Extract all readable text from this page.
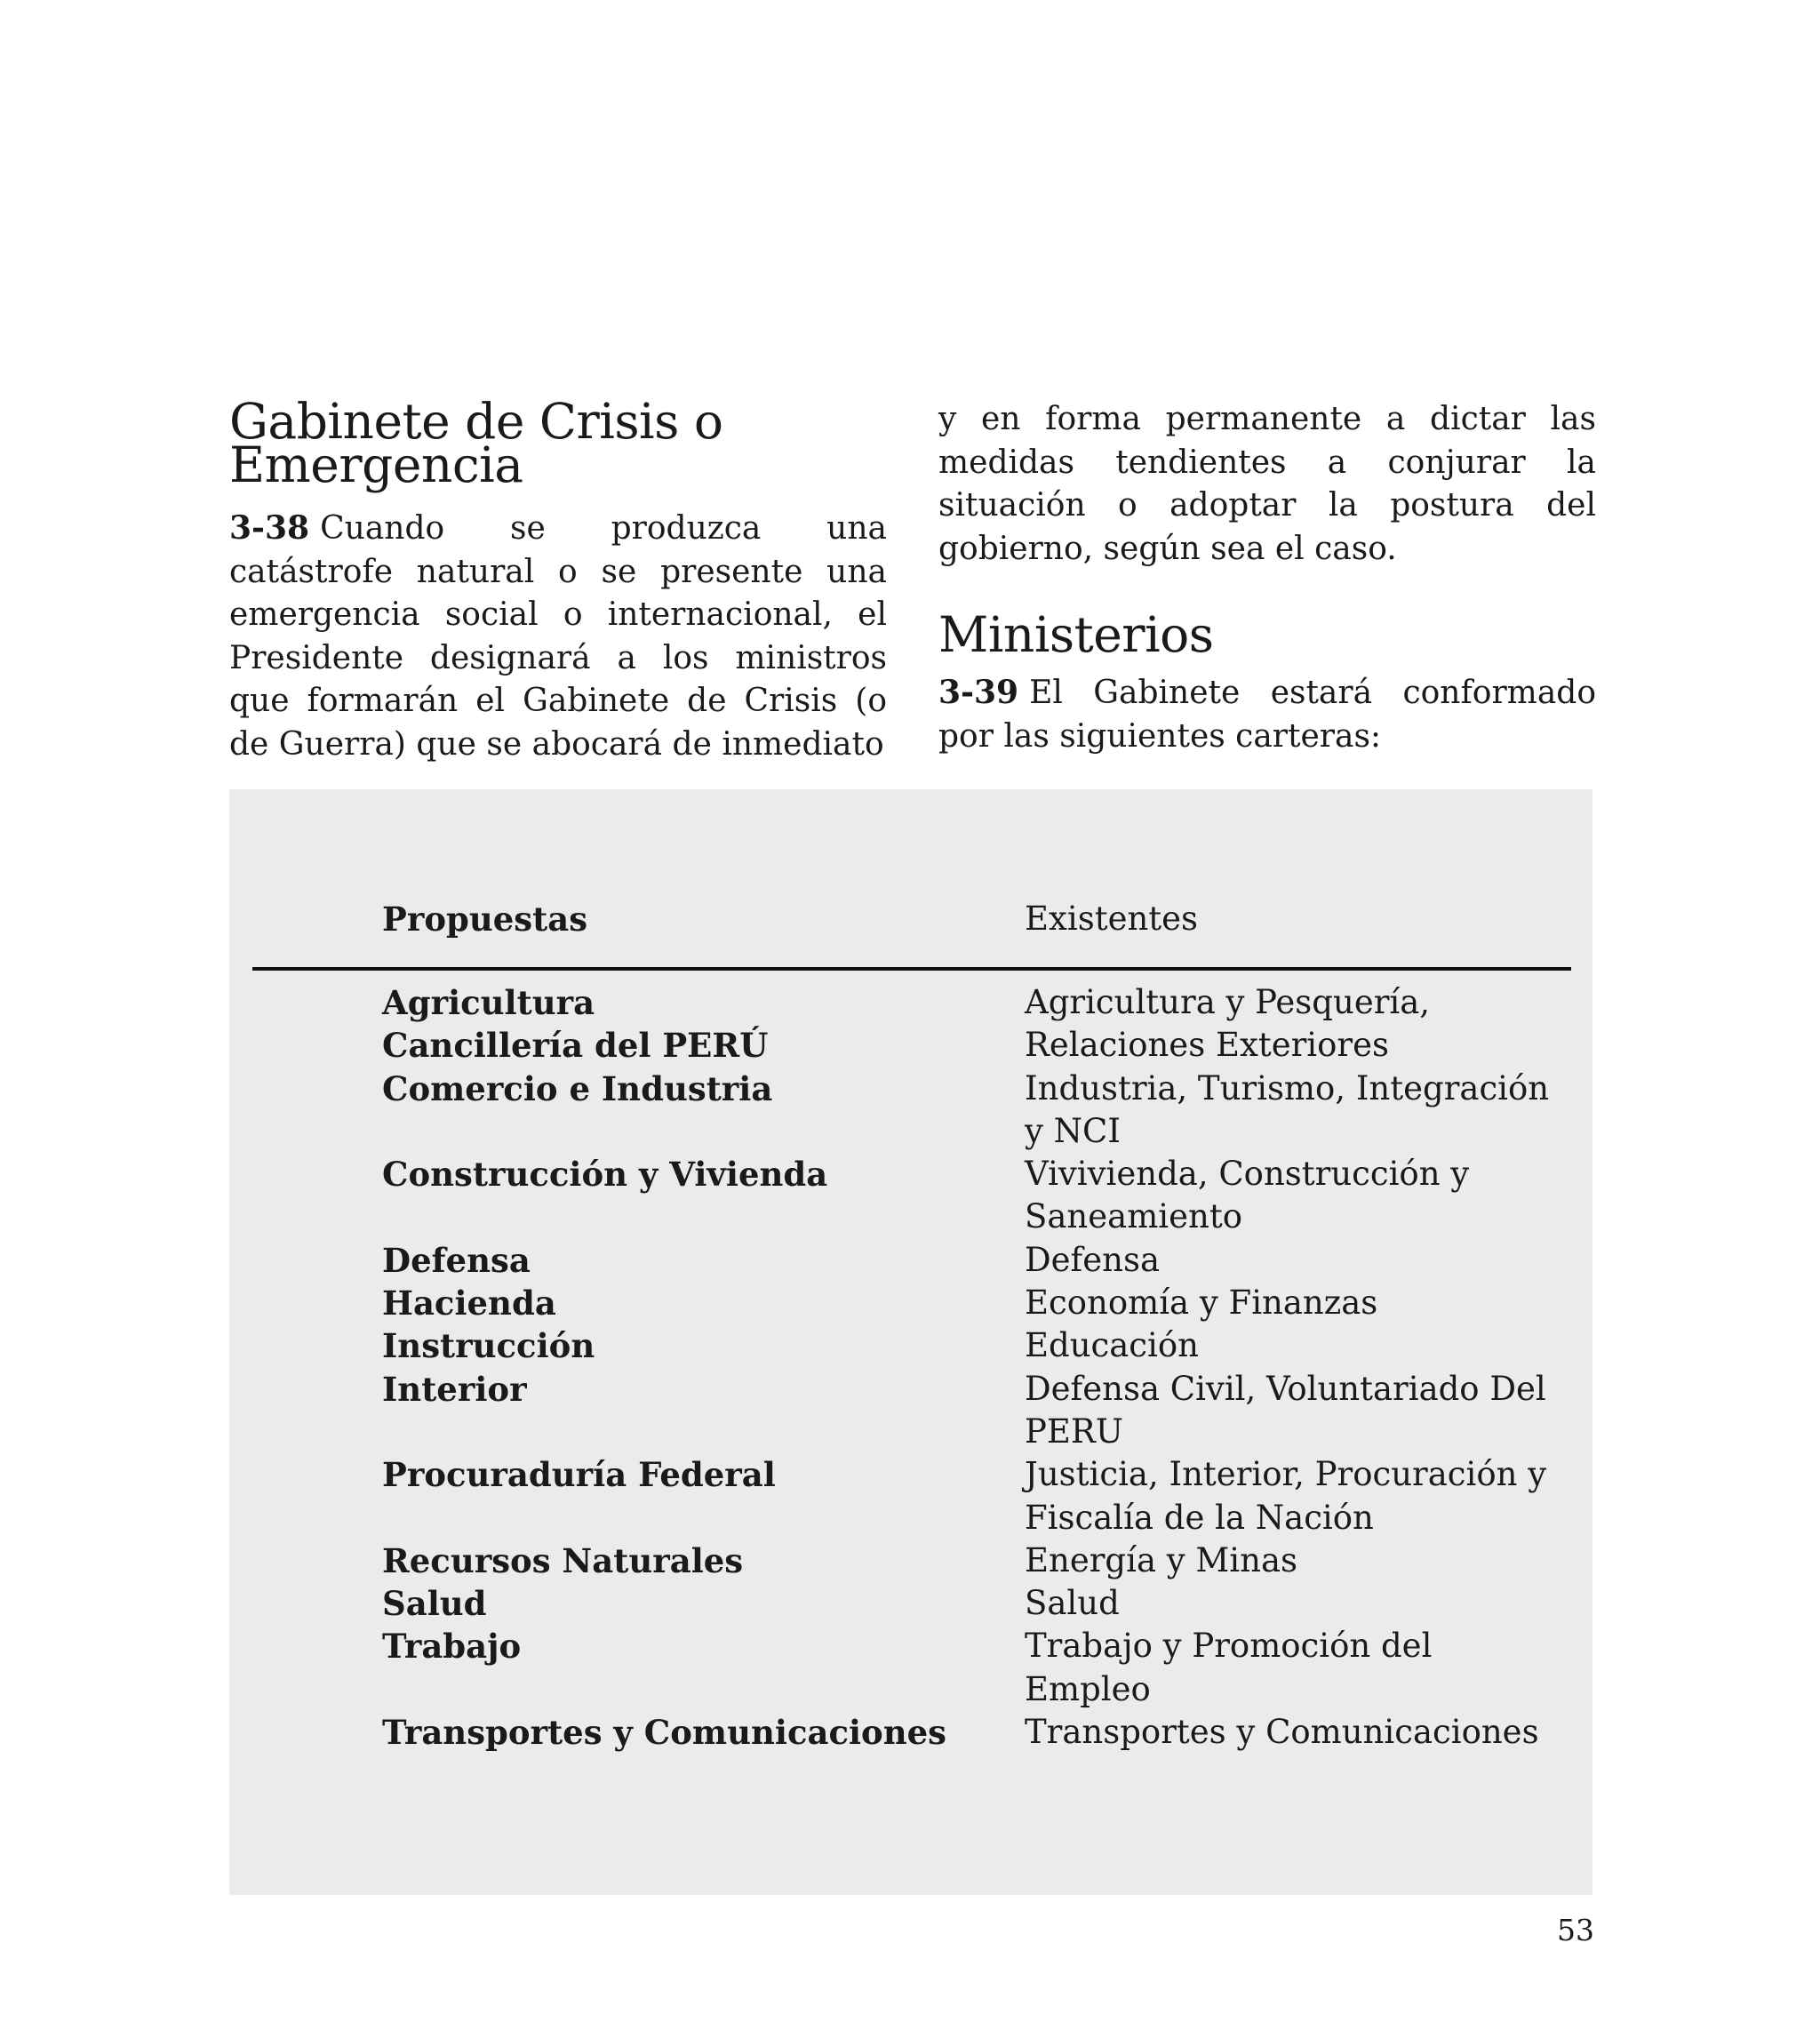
Gabinete de Crisis o Emergencia

3-38 Cuando se produzca una catástrofe natural o se presente una emergencia social o internacional, el Presidente designará a los ministros que formarán el Gabinete de Crisis (o de Guerra) que se abocará de inmediato

y en forma permanente a dictar las medidas tendientes a conjurar la situación o adoptar la postura del gobierno, según sea el caso.

Ministerios

3-39 El Gabinete estará conformado por las siguientes carteras:

Propuestas	Existentes
Agricultura	Agricultura y Pesquería,
Cancillería del PERÚ	Relaciones Exteriores
Comercio e Industria	Industria, Turismo, Integración y NCI
Construcción y Vivienda	Vivivienda, Construcción y Saneamiento
Defensa	Defensa
Hacienda	Economía y Finanzas
Instrucción	Educación
Interior	Defensa Civil, Voluntariado Del PERU
Procuraduría Federal	Justicia, Interior, Procuración y Fiscalía de la Nación
Recursos Naturales	Energía y Minas
Salud	Salud
Trabajo	Trabajo y Promoción del Empleo
Transportes y Comunicaciones	Transportes y Comunicaciones
53
